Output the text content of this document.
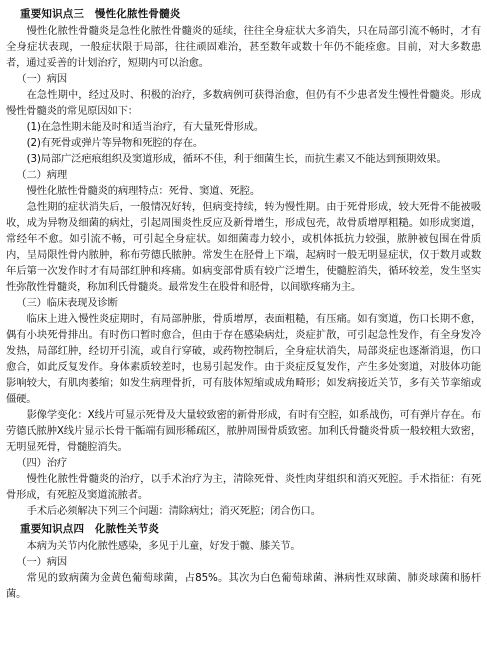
重要知识点三　慢性化脓性骨髓炎

慢性化脓性骨髓炎是急性化脓性骨髓炎的延续，往往全身症状大多消失，只在局部引流不畅时，才有全身症状表现，一般症状限于局部，往往顽固难治，甚至数年或数十年仍不能痊愈。目前，对大多数患者，通过妥善的计划治疗，短期内可以治愈。

（一）病因

在急性期中，经过及时、积极的治疗，多数病例可获得治愈，但仍有不少患者发生慢性骨髓炎。形成慢性骨髓炎的常见原因如下：

(1)在急性期未能及时和适当治疗，有大量死骨形成。

(2)有死骨或弹片等异物和死腔的存在。

(3)局部广泛疤痕组织及窦道形成，循环不佳，利于细菌生长，而抗生素又不能达到预期效果。

（二）病理

慢性化脓性骨髓炎的病理特点：死骨、窦道、死腔。

急性期的症状消失后，一般情况好转，但病变持续，转为慢性期。由于死骨形成，较大死骨不能被吸收，成为异物及细菌的病灶，引起周围炎性反应及新骨增生，形成包壳，故骨质增厚粗糙。如形成窦道，常经年不愈。如引流不畅，可引起全身症状。如细菌毒力较小，或机体抵抗力较强，脓肿被包围在骨质内，呈局限性骨内脓肿，称布劳德氏脓肿。常发生在胫骨上下端，起病时一般无明显症状，仅于数月或数年后第一次发作时才有局部红肿和疼痛。如病变部骨质有较广泛增生，使髓腔消失，循环较差，发生坚实性弥散性骨髓炎，称加利氏骨髓炎。最常发生在股骨和胫骨，以间歇疼痛为主。

（三）临床表现及诊断

临床上进入慢性炎症期时，有局部肿胀，骨质增厚，表面粗糙，有压痛。如有窦道，伤口长期不愈，偶有小块死骨排出。有时伤口暂时愈合，但由于存在感染病灶，炎症扩散，可引起急性发作，有全身发冷发热，局部红肿，经切开引流，或自行穿破，或药物控制后，全身症状消失，局部炎症也逐渐消退，伤口愈合，如此反复发作。身体素质较差时，也易引起发作。由于炎症反复发作，产生多处窦道，对肢体功能影响较大，有肌肉萎缩；如发生病理骨折，可有肢体短缩或成角畸形；如发病接近关节，多有关节挛缩或僵硬。

影像学变化：X线片可显示死骨及大量较致密的新骨形成，有时有空腔，如系战伤，可有弹片存在。布劳德氏脓肿X线片显示长骨干骺端有圆形稀疏区，脓肿周围骨质致密。加利氏骨髓炎骨质一般较粗大致密，无明显死骨，骨髓腔消失。

（四）治疗

慢性化脓性骨髓炎的治疗，以手术治疗为主，清除死骨、炎性肉芽组织和消灭死腔。手术指征：有死骨形成，有死腔及窦道流脓者。

手术后必须解决下列三个问题：清除病灶；消灭死腔；闭合伤口。

重要知识点四　化脓性关节炎

本病为关节内化脓性感染，多见于儿童，好发于髋、膝关节。

（一）病因

常见的致病菌为金黄色葡萄球菌，占85%。其次为白色葡萄球菌、淋病性双球菌、肺炎球菌和肠杆菌。
